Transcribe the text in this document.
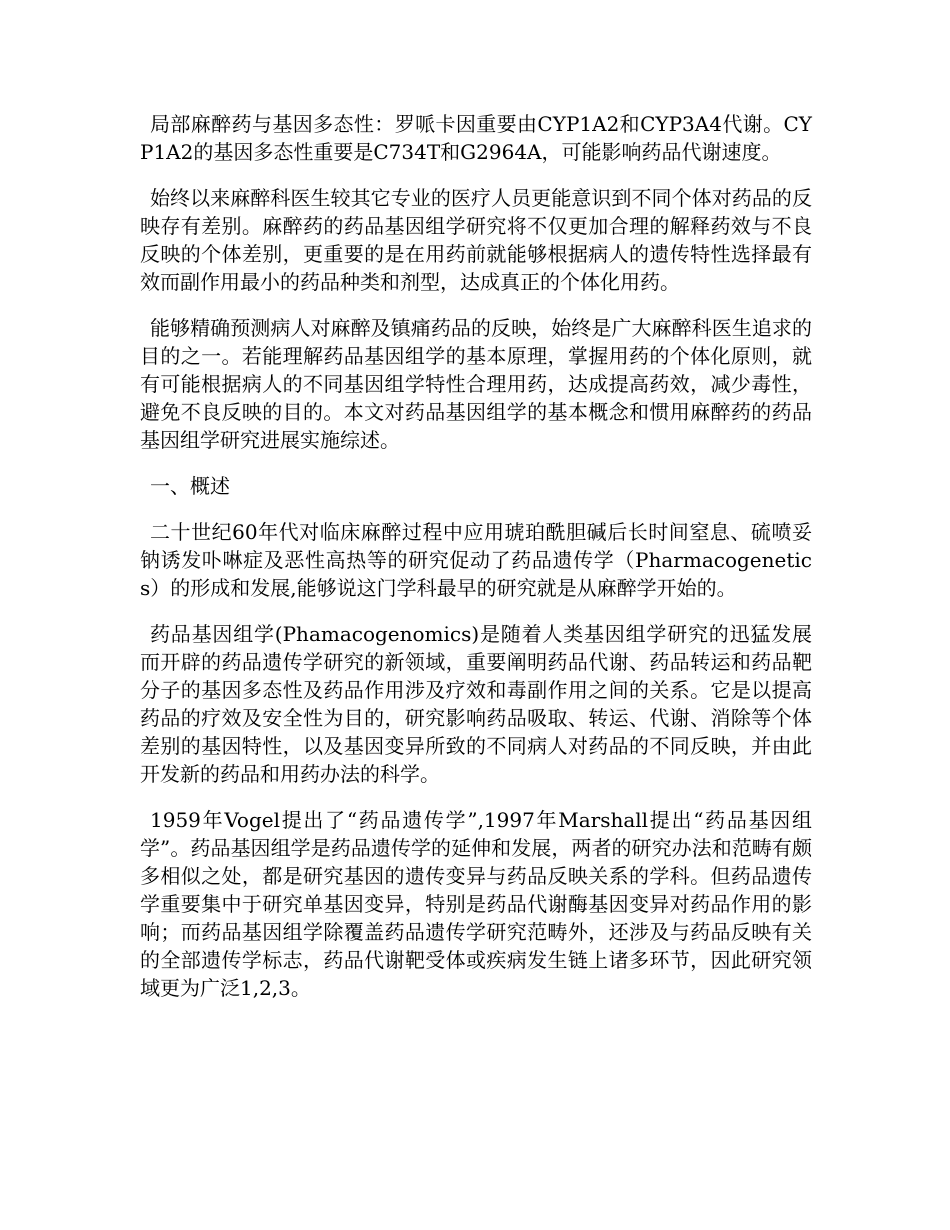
局部麻醉药与基因多态性：罗哌卡因重要由CYP1A2和CYP3A4代谢。CYP1A2的基因多态性重要是C734T和G2964A，可能影响药品代谢速度。

始终以来麻醉科医生较其它专业的医疗人员更能意识到不同个体对药品的反映存有差别。麻醉药的药品基因组学研究将不仅更加合理的解释药效与不良反映的个体差别，更重要的是在用药前就能够根据病人的遗传特性选择最有效而副作用最小的药品种类和剂型，达成真正的个体化用药。

能够精确预测病人对麻醉及镇痛药品的反映，始终是广大麻醉科医生追求的目的之一。若能理解药品基因组学的基本原理，掌握用药的个体化原则，就有可能根据病人的不同基因组学特性合理用药，达成提高药效，减少毒性，避免不良反映的目的。本文对药品基因组学的基本概念和惯用麻醉药的药品基因组学研究进展实施综述。

一、概述

二十世纪60年代对临床麻醉过程中应用琥珀酰胆碱后长时间窒息、硫喷妥钠诱发卟啉症及恶性高热等的研究促动了药品遗传学（Pharmacogenetics）的形成和发展,能够说这门学科最早的研究就是从麻醉学开始的。

药品基因组学(Phamacogenomics)是随着人类基因组学研究的迅猛发展而开辟的药品遗传学研究的新领域，重要阐明药品代谢、药品转运和药品靶分子的基因多态性及药品作用涉及疗效和毒副作用之间的关系。它是以提高药品的疗效及安全性为目的，研究影响药品吸取、转运、代谢、消除等个体差别的基因特性，以及基因变异所致的不同病人对药品的不同反映，并由此开发新的药品和用药办法的科学。

1959年Vogel提出了“药品遗传学”,1997年Marshall提出“药品基因组学”。药品基因组学是药品遗传学的延伸和发展，两者的研究办法和范畴有颇多相似之处，都是研究基因的遗传变异与药品反映关系的学科。但药品遗传学重要集中于研究单基因变异，特别是药品代谢酶基因变异对药品作用的影响；而药品基因组学除覆盖药品遗传学研究范畴外，还涉及与药品反映有关的全部遗传学标志，药品代谢靶受体或疾病发生链上诸多环节，因此研究领域更为广泛1,2,3。
